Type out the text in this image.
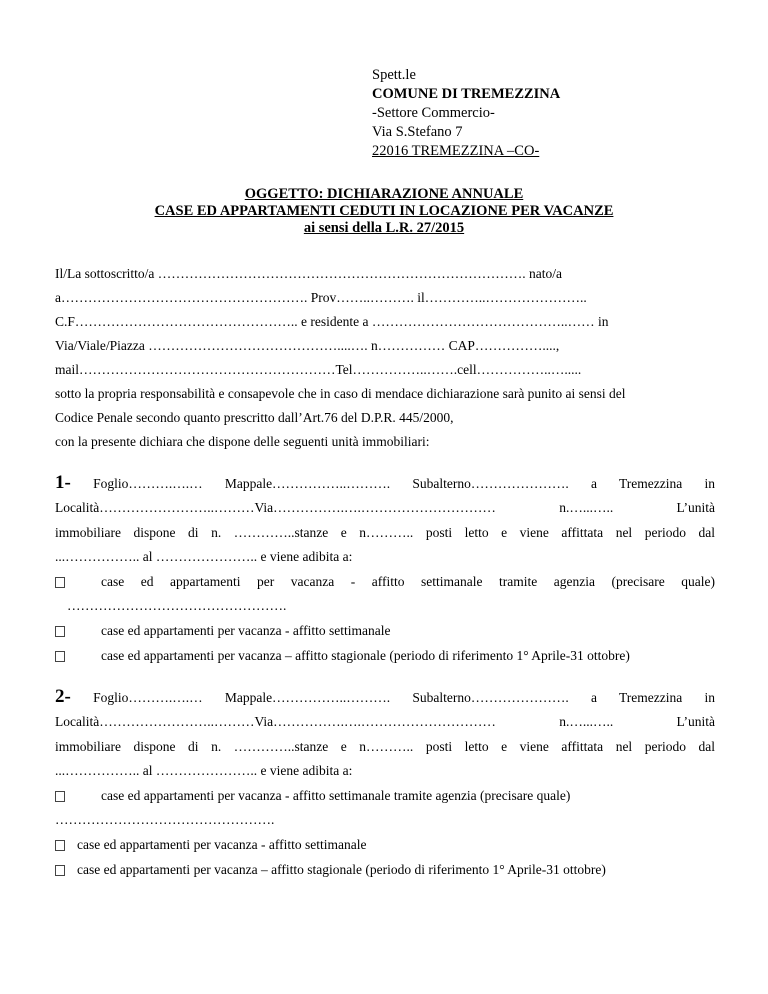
Spett.le
COMUNE DI TREMEZZINA
-Settore Commercio-
Via S.Stefano 7
22016 TREMEZZINA –CO-
OGGETTO: DICHIARAZIONE ANNUALE
CASE ED APPARTAMENTI CEDUTI IN LOCAZIONE PER VACANZE
ai sensi della L.R. 27/2015
Il/La sottoscritto/a ………………………………………………………………………. nato/a
a………………………………………………. Prov……..………. il…………..…………………..
C.F………………………………………….. e residente a ……………………………………..…… in
Via/Viale/Piazza ……………………………………....…. n…………… CAP……………....,
mail…………………………………………………Tel……………..…….cell……………..….....
sotto la propria responsabilità e consapevole che in caso di mendace dichiarazione sarà punito ai sensi del
Codice Penale secondo quanto prescritto dall’Art.76 del D.P.R. 445/2000,
con la presente dichiara che dispone delle seguenti unità immobiliari:
1- Foglio……….….… Mappale……………..………. Subalterno…………………. a Tremezzina in
Località……………………..………Via…………….….………………………… n.…...….. L’unità
immobiliare dispone di n. …………..stanze e n……….. posti letto e viene affittata nel periodo dal
...…………….. al ………………….. e viene adibita a:
case ed appartamenti per vacanza - affitto settimanale tramite agenzia (precisare quale)
………………………………………….
case ed appartamenti per vacanza - affitto settimanale
case ed appartamenti per vacanza – affitto stagionale (periodo di riferimento 1° Aprile-31 ottobre)
2- Foglio……….….… Mappale……………..………. Subalterno…………………. a Tremezzina in
Località……………………..………Via…………….….………………………… n.…...….. L’unità
immobiliare dispone di n. …………..stanze e n……….. posti letto e viene affittata nel periodo dal
...…………….. al ………………….. e viene adibita a:
case ed appartamenti per vacanza - affitto settimanale tramite agenzia (precisare quale)
………………………………………….
case ed appartamenti per vacanza - affitto settimanale
case ed appartamenti per vacanza – affitto stagionale (periodo di riferimento 1° Aprile-31 ottobre)
